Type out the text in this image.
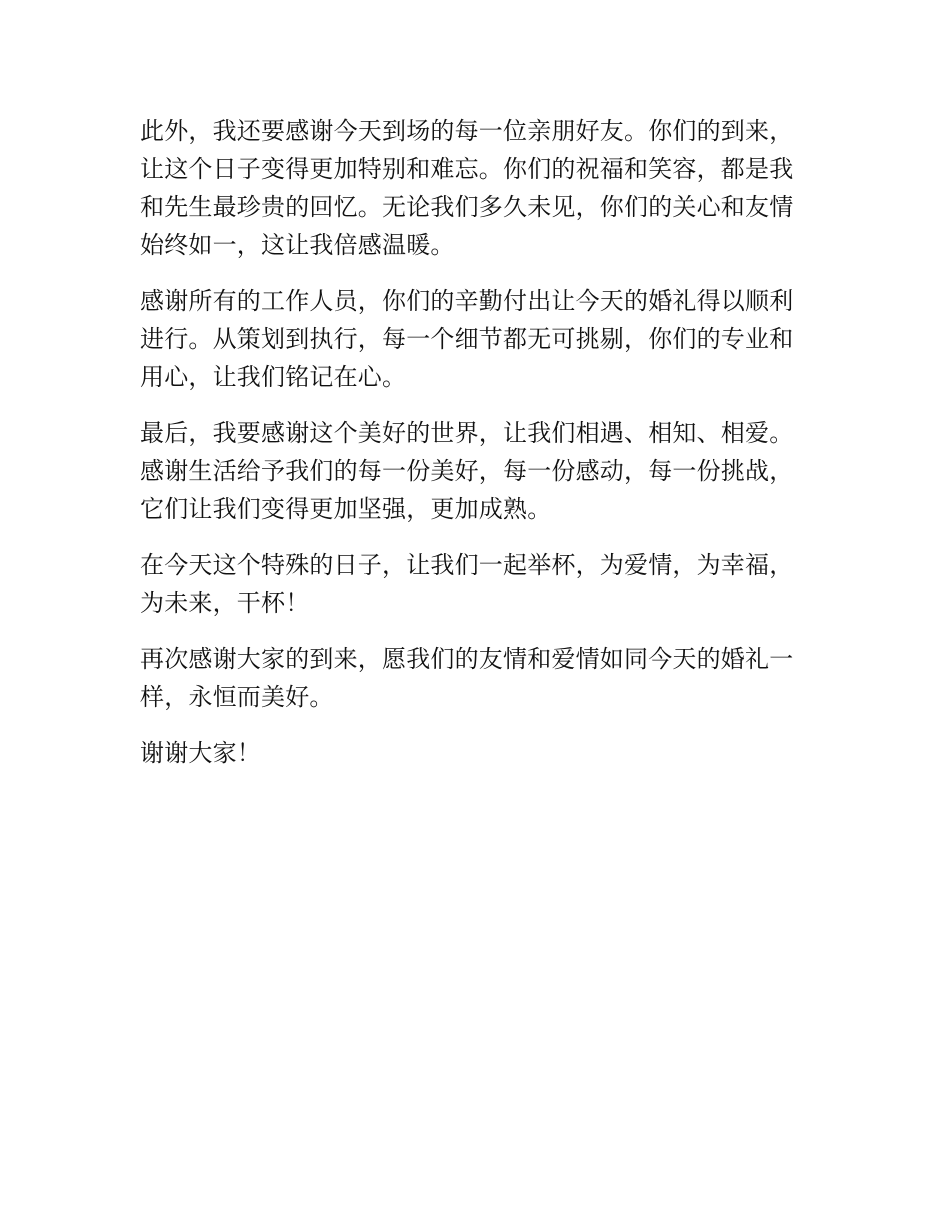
此外，我还要感谢今天到场的每一位亲朋好友。你们的到来，让这个日子变得更加特别和难忘。你们的祝福和笑容，都是我和先生最珍贵的回忆。无论我们多久未见，你们的关心和友情始终如一，这让我倍感温暖。

感谢所有的工作人员，你们的辛勤付出让今天的婚礼得以顺利进行。从策划到执行，每一个细节都无可挑剔，你们的专业和用心，让我们铭记在心。

最后，我要感谢这个美好的世界，让我们相遇、相知、相爱。感谢生活给予我们的每一份美好，每一份感动，每一份挑战，它们让我们变得更加坚强，更加成熟。

在今天这个特殊的日子，让我们一起举杯，为爱情，为幸福，为未来，干杯！

再次感谢大家的到来，愿我们的友情和爱情如同今天的婚礼一样，永恒而美好。

谢谢大家！
